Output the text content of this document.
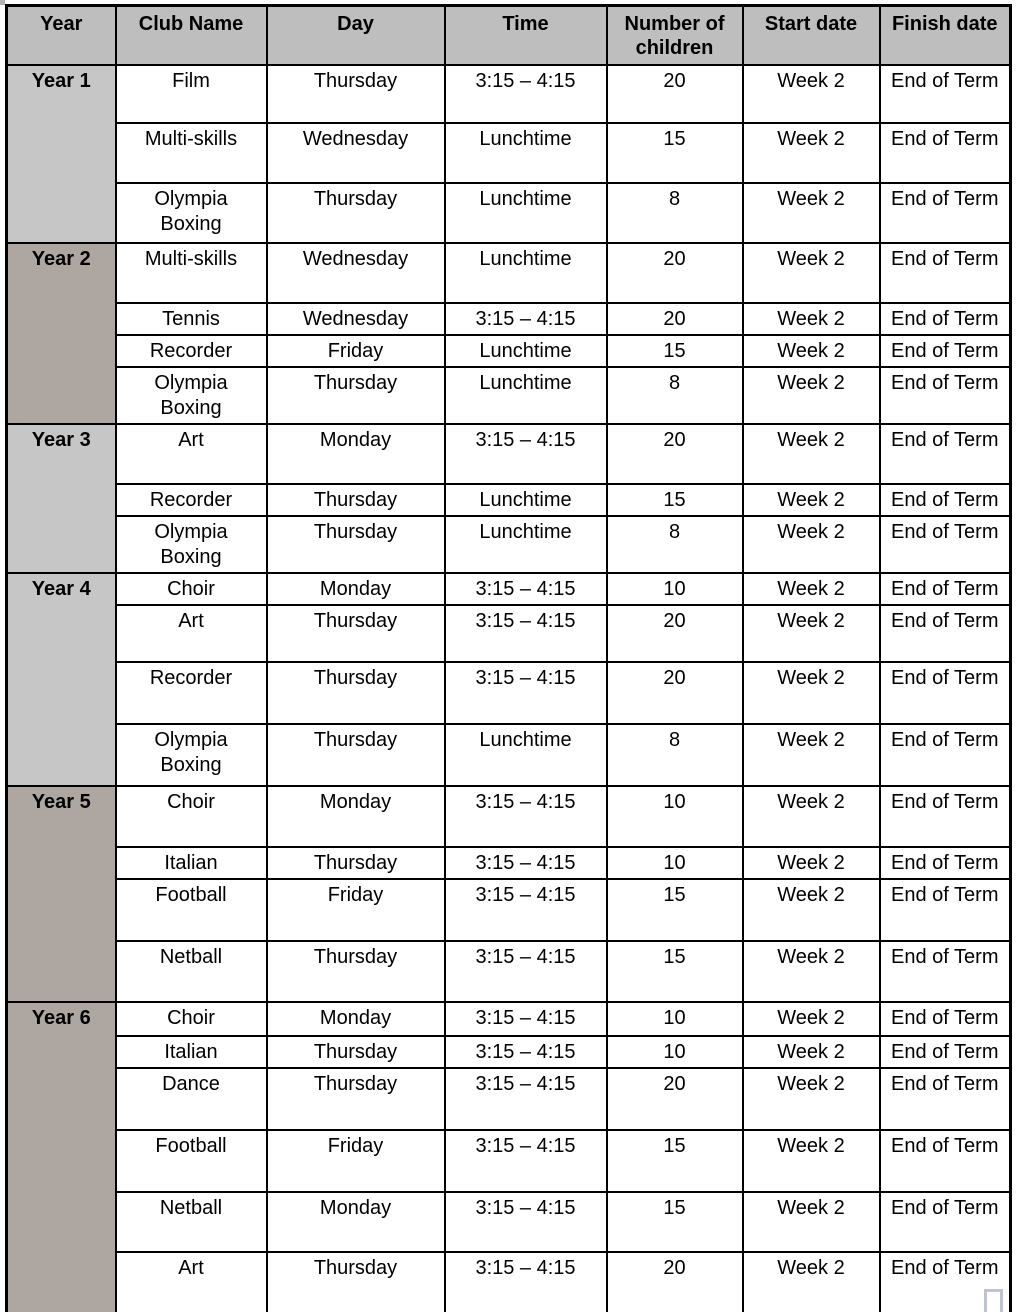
Year	Club Name	Day	Time	Number of children	Start date	Finish date
Year 1	Film	Thursday	3:15 – 4:15	20	Week 2	End of Term
	Multi-skills	Wednesday	Lunchtime	15	Week 2	End of Term
	Olympia Boxing	Thursday	Lunchtime	8	Week 2	End of Term
Year 2	Multi-skills	Wednesday	Lunchtime	20	Week 2	End of Term
	Tennis	Wednesday	3:15 – 4:15	20	Week 2	End of Term
	Recorder	Friday	Lunchtime	15	Week 2	End of Term
	Olympia Boxing	Thursday	Lunchtime	8	Week 2	End of Term
Year 3	Art	Monday	3:15 – 4:15	20	Week 2	End of Term
	Recorder	Thursday	Lunchtime	15	Week 2	End of Term
	Olympia Boxing	Thursday	Lunchtime	8	Week 2	End of Term
Year 4	Choir	Monday	3:15 – 4:15	10	Week 2	End of Term
	Art	Thursday	3:15 – 4:15	20	Week 2	End of Term
	Recorder	Thursday	3:15 – 4:15	20	Week 2	End of Term
	Olympia Boxing	Thursday	Lunchtime	8	Week 2	End of Term
Year 5	Choir	Monday	3:15 – 4:15	10	Week 2	End of Term
	Italian	Thursday	3:15 – 4:15	10	Week 2	End of Term
	Football	Friday	3:15 – 4:15	15	Week 2	End of Term
	Netball	Thursday	3:15 – 4:15	15	Week 2	End of Term
Year 6	Choir	Monday	3:15 – 4:15	10	Week 2	End of Term
	Italian	Thursday	3:15 – 4:15	10	Week 2	End of Term
	Dance	Thursday	3:15 – 4:15	20	Week 2	End of Term
	Football	Friday	3:15 – 4:15	15	Week 2	End of Term
	Netball	Monday	3:15 – 4:15	15	Week 2	End of Term
	Art	Thursday	3:15 – 4:15	20	Week 2	End of Term
